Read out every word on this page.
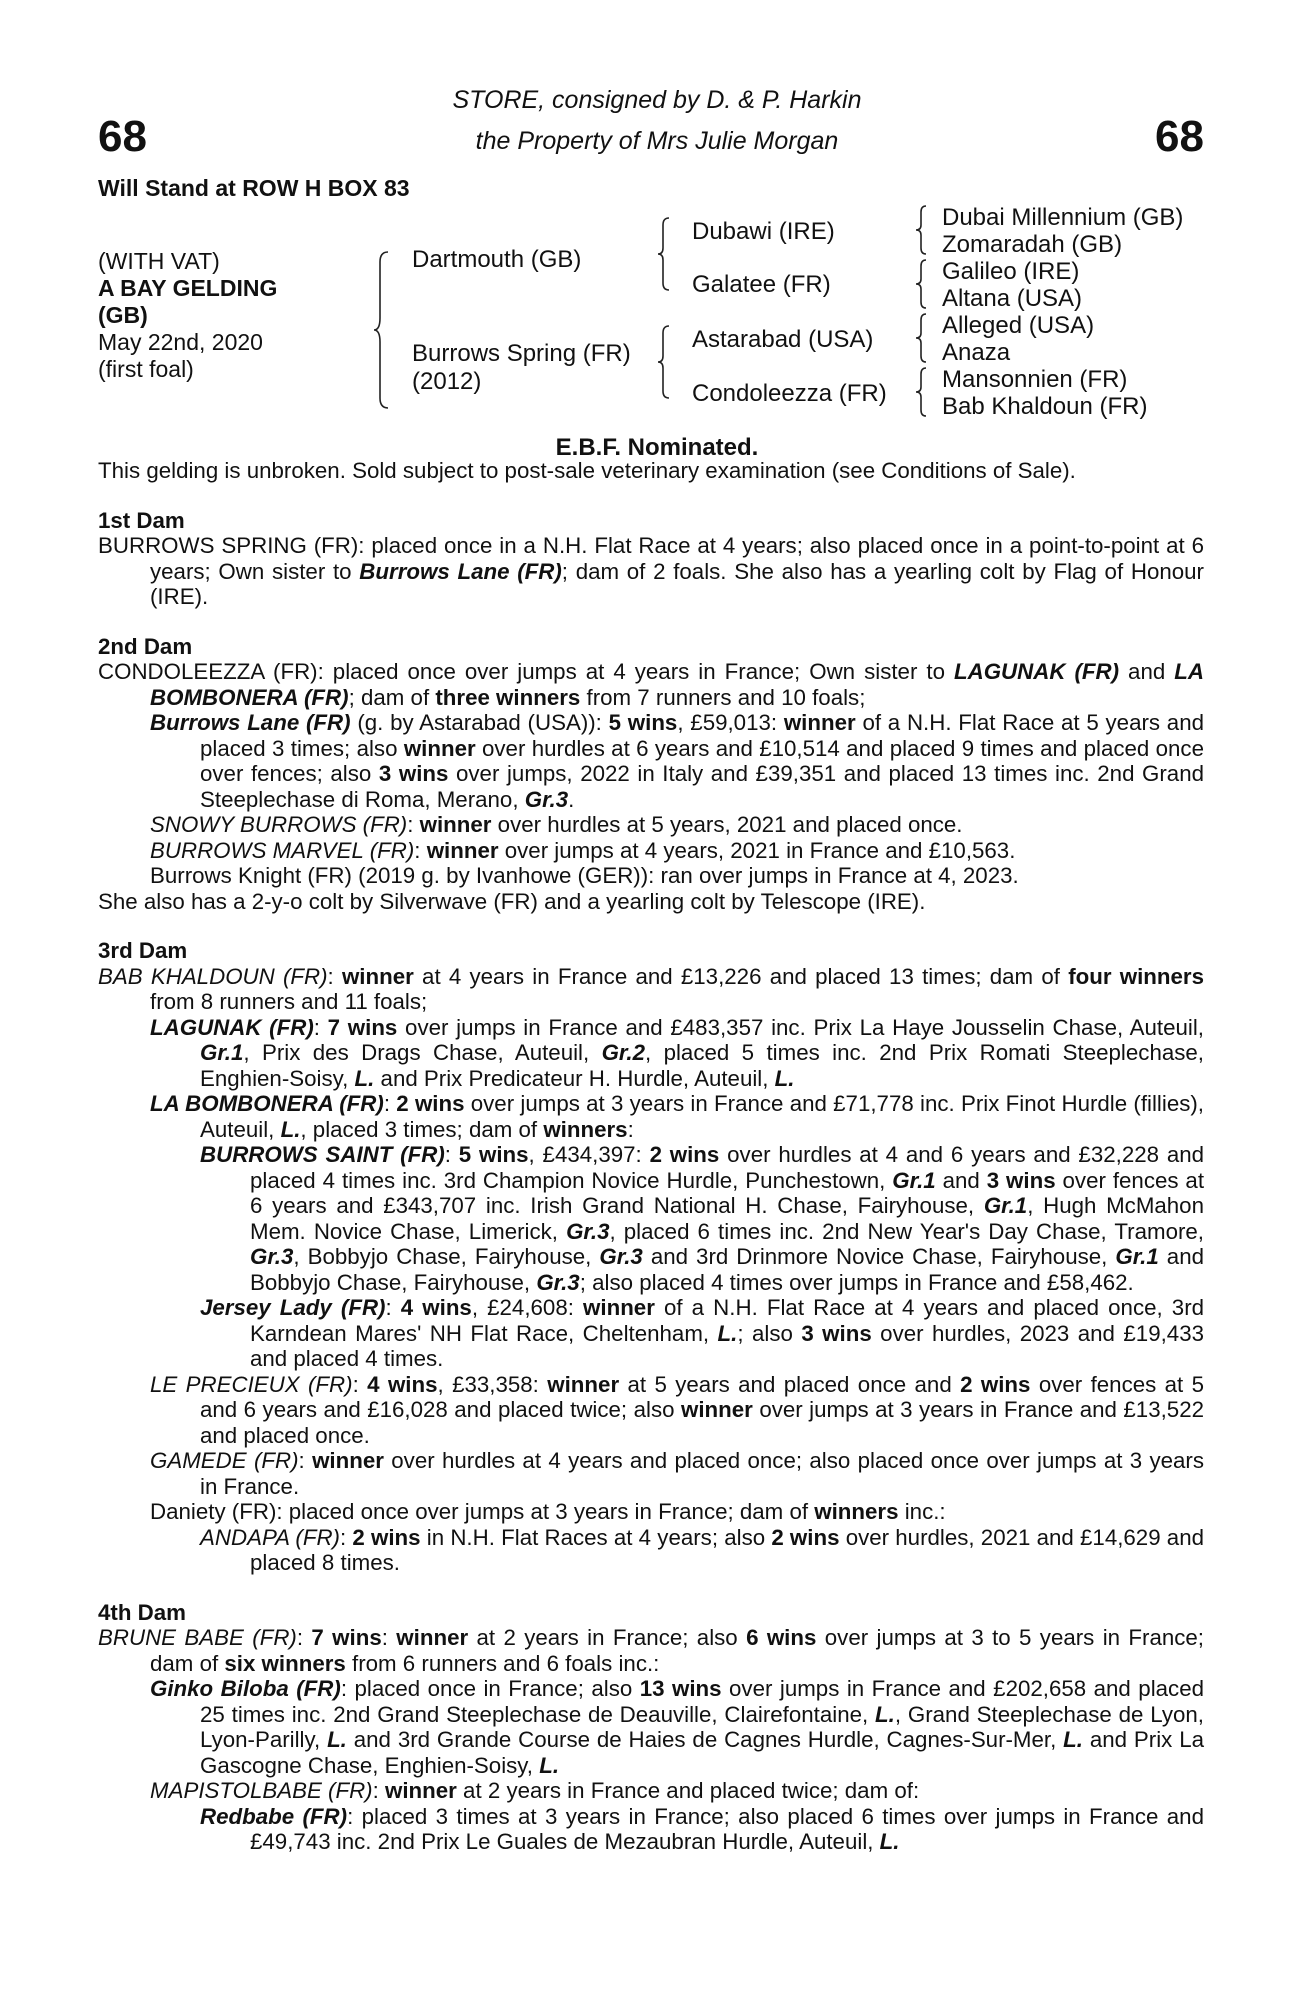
68	68
STORE, consigned by D. & P. Harkin
the Property of Mrs Julie Morgan
Will Stand at ROW H BOX 83
(WITH VAT)
A BAY GELDING
(GB)
May 22nd, 2020
(first foal)
Dartmouth (GB)
Burrows Spring (FR)
(2012)
Dubawi (IRE)
Galatee (FR)
Astarabad (USA)
Condoleezza (FR)
Dubai Millennium (GB)
Zomaradah (GB)
Galileo (IRE)
Altana (USA)
Alleged (USA)
Anaza
Mansonnien (FR)
Bab Khaldoun (FR)
E.B.F. Nominated.

This gelding is unbroken. Sold subject to post-sale veterinary examination (see Conditions of Sale).

1st Dam

BURROWS SPRING (FR): placed once in a N.H. Flat Race at 4 years; also placed once in a point-to-point at 6 years; Own sister to Burrows Lane (FR); dam of 2 foals. She also has a yearling colt by Flag of Honour (IRE).

2nd Dam

CONDOLEEZZA (FR): placed once over jumps at 4 years in France; Own sister to LAGUNAK (FR) and LA BOMBONERA (FR); dam of three winners from 7 runners and 10 foals;

Burrows Lane (FR) (g. by Astarabad (USA)): 5 wins, £59,013: winner of a N.H. Flat Race at 5 years and placed 3 times; also winner over hurdles at 6 years and £10,514 and placed 9 times and placed once over fences; also 3 wins over jumps, 2022 in Italy and £39,351 and placed 13 times inc. 2nd Grand Steeplechase di Roma, Merano, Gr.3.

SNOWY BURROWS (FR): winner over hurdles at 5 years, 2021 and placed once.

BURROWS MARVEL (FR): winner over jumps at 4 years, 2021 in France and £10,563.

Burrows Knight (FR) (2019 g. by Ivanhowe (GER)): ran over jumps in France at 4, 2023.

She also has a 2-y-o colt by Silverwave (FR) and a yearling colt by Telescope (IRE).

3rd Dam

BAB KHALDOUN (FR): winner at 4 years in France and £13,226 and placed 13 times; dam of four winners from 8 runners and 11 foals;

LAGUNAK (FR): 7 wins over jumps in France and £483,357 inc. Prix La Haye Jousselin Chase, Auteuil, Gr.1, Prix des Drags Chase, Auteuil, Gr.2, placed 5 times inc. 2nd Prix Romati Steeplechase, Enghien-Soisy, L. and Prix Predicateur H. Hurdle, Auteuil, L.

LA BOMBONERA (FR): 2 wins over jumps at 3 years in France and £71,778 inc. Prix Finot Hurdle (fillies), Auteuil, L., placed 3 times; dam of winners:

BURROWS SAINT (FR): 5 wins, £434,397: 2 wins over hurdles at 4 and 6 years and £32,228 and placed 4 times inc. 3rd Champion Novice Hurdle, Punchestown, Gr.1 and 3 wins over fences at 6 years and £343,707 inc. Irish Grand National H. Chase, Fairyhouse, Gr.1, Hugh McMahon Mem. Novice Chase, Limerick, Gr.3, placed 6 times inc. 2nd New Year's Day Chase, Tramore, Gr.3, Bobbyjo Chase, Fairyhouse, Gr.3 and 3rd Drinmore Novice Chase, Fairyhouse, Gr.1 and Bobbyjo Chase, Fairyhouse, Gr.3; also placed 4 times over jumps in France and £58,462.

Jersey Lady (FR): 4 wins, £24,608: winner of a N.H. Flat Race at 4 years and placed once, 3rd Karndean Mares' NH Flat Race, Cheltenham, L.; also 3 wins over hurdles, 2023 and £19,433 and placed 4 times.

LE PRECIEUX (FR): 4 wins, £33,358: winner at 5 years and placed once and 2 wins over fences at 5 and 6 years and £16,028 and placed twice; also winner over jumps at 3 years in France and £13,522 and placed once.

GAMEDE (FR): winner over hurdles at 4 years and placed once; also placed once over jumps at 3 years in France.

Daniety (FR): placed once over jumps at 3 years in France; dam of winners inc.:

ANDAPA (FR): 2 wins in N.H. Flat Races at 4 years; also 2 wins over hurdles, 2021 and £14,629 and placed 8 times.

4th Dam

BRUNE BABE (FR): 7 wins: winner at 2 years in France; also 6 wins over jumps at 3 to 5 years in France; dam of six winners from 6 runners and 6 foals inc.:

Ginko Biloba (FR): placed once in France; also 13 wins over jumps in France and £202,658 and placed 25 times inc. 2nd Grand Steeplechase de Deauville, Clairefontaine, L., Grand Steeplechase de Lyon, Lyon-Parilly, L. and 3rd Grande Course de Haies de Cagnes Hurdle, Cagnes-Sur-Mer, L. and Prix La Gascogne Chase, Enghien-Soisy, L.

MAPISTOLBABE (FR): winner at 2 years in France and placed twice; dam of:

Redbabe (FR): placed 3 times at 3 years in France; also placed 6 times over jumps in France and £49,743 inc. 2nd Prix Le Guales de Mezaubran Hurdle, Auteuil, L.
